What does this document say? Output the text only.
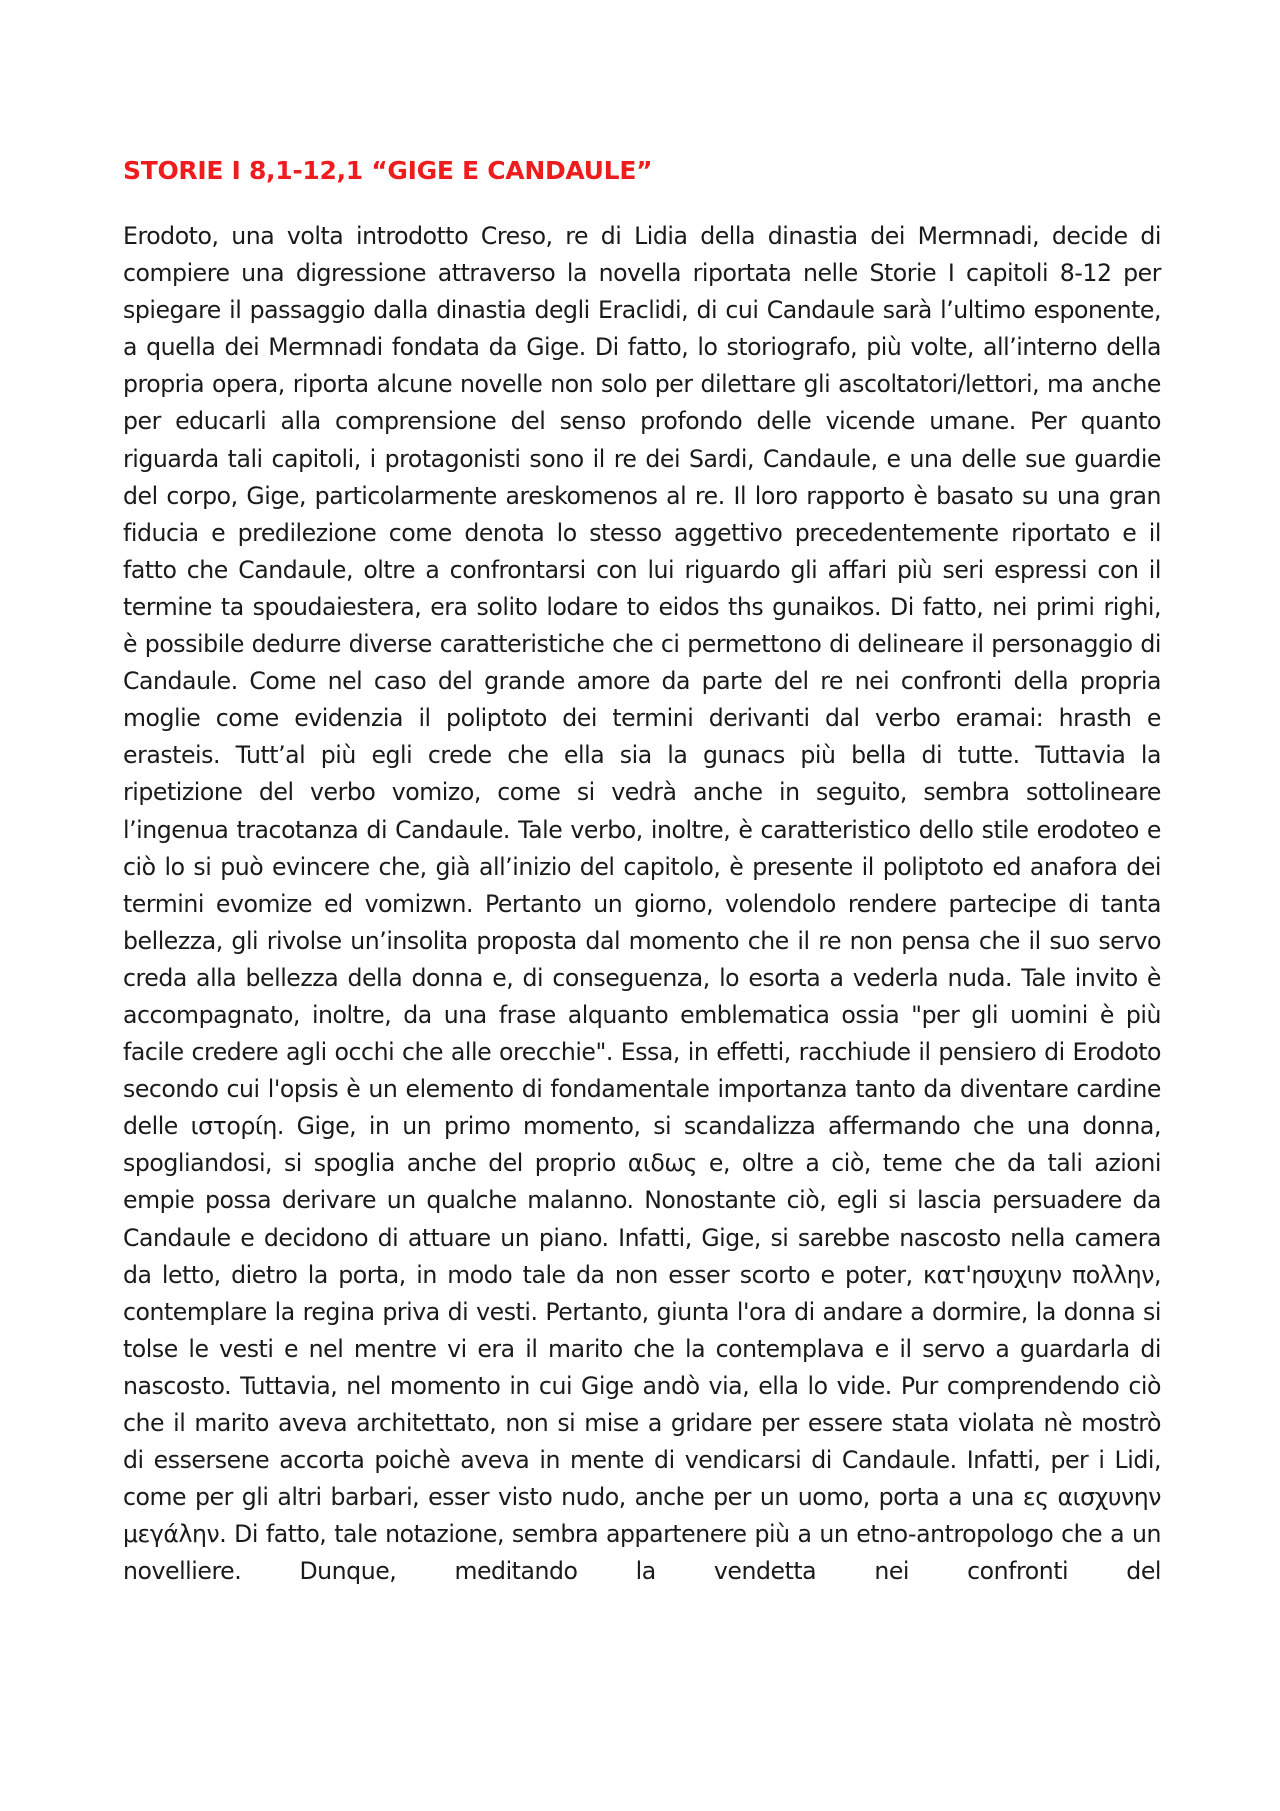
STORIE I 8,1-12,1 “GIGE E CANDAULE”

Erodoto, una volta introdotto Creso, re di Lidia della dinastia dei Mermnadi, decide di compiere una digressione attraverso la novella riportata nelle Storie I capitoli 8-12 per spiegare il passaggio dalla dinastia degli Eraclidi, di cui Candaule sarà l’ultimo esponente, a quella dei Mermnadi fondata da Gige. Di fatto, lo storiografo, più volte, all’interno della propria opera, riporta alcune novelle non solo per dilettare gli ascoltatori/lettori, ma anche per educarli alla comprensione del senso profondo delle vicende umane. Per quanto riguarda tali capitoli, i protagonisti sono il re dei Sardi, Candaule, e una delle sue guardie del corpo, Gige, particolarmente areskomenos al re. Il loro rapporto è basato su una gran fiducia e predilezione come denota lo stesso aggettivo precedentemente riportato e il fatto che Candaule, oltre a confrontarsi con lui riguardo gli affari più seri espressi con il termine ta spoudaiestera, era solito lodare to eidos ths gunaikos. Di fatto, nei primi righi, è possibile dedurre diverse caratteristiche che ci permettono di delineare il personaggio di Candaule. Come nel caso del grande amore da parte del re nei confronti della propria moglie come evidenzia il poliptoto dei termini derivanti dal verbo eramai: hrasth e erasteis. Tutt’al più egli crede che ella sia la gunacs più bella di tutte. Tuttavia la ripetizione del verbo vomizo, come si vedrà anche in seguito, sembra sottolineare l’ingenua tracotanza di Candaule. Tale verbo, inoltre, è caratteristico dello stile erodoteo e ciò lo si può evincere che, già all’inizio del capitolo, è presente il poliptoto ed anafora dei termini evomize ed vomizwn. Pertanto un giorno, volendolo rendere partecipe di tanta bellezza, gli rivolse un’insolita proposta dal momento che il re non pensa che il suo servo creda alla bellezza della donna e, di conseguenza, lo esorta a vederla nuda. Tale invito è accompagnato, inoltre, da una frase alquanto emblematica ossia "per gli uomini è più facile credere agli occhi che alle orecchie". Essa, in effetti, racchiude il pensiero di Erodoto secondo cui l'opsis è un elemento di fondamentale importanza tanto da diventare cardine delle ιστορίη. Gige, in un primo momento, si scandalizza affermando che una donna, spogliandosi, si spoglia anche del proprio αιδως e, oltre a ciò, teme che da tali azioni empie possa derivare un qualche malanno. Nonostante ciò, egli si lascia persuadere da Candaule e decidono di attuare un piano. Infatti, Gige, si sarebbe nascosto nella camera da letto, dietro la porta, in modo tale da non esser scorto e poter, κατ'ησυχιην πολλην, contemplare la regina priva di vesti. Pertanto, giunta l'ora di andare a dormire, la donna si tolse le vesti e nel mentre vi era il marito che la contemplava e il servo a guardarla di nascosto. Tuttavia, nel momento in cui Gige andò via, ella lo vide. Pur comprendendo ciò che il marito aveva architettato, non si mise a gridare per essere stata violata nè mostrò di essersene accorta poichè aveva in mente di vendicarsi di Candaule. Infatti, per i Lidi, come per gli altri barbari, esser visto nudo, anche per un uomo, porta a una ες αισχυνην μεγάλην. Di fatto, tale notazione, sembra appartenere più a un etno-antropologo che a un novelliere. Dunque, meditando la vendetta nei confronti del
